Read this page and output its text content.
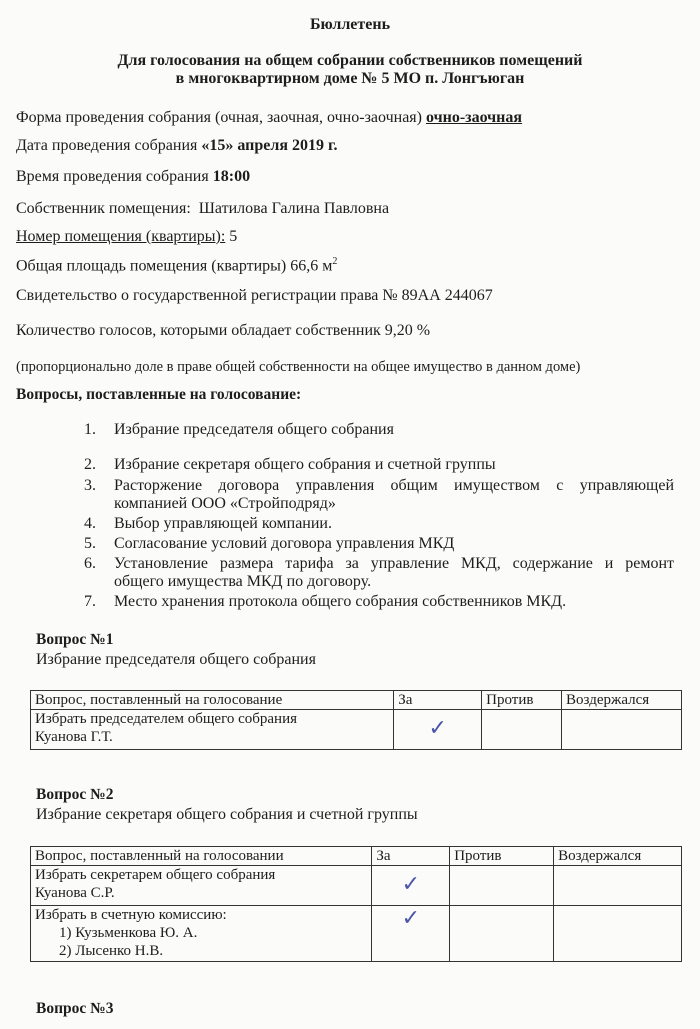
Бюллетень
Для голосования на общем собрании собственников помещений
в многоквартирном доме № 5 МО п. Лонгъюган
Форма проведения собрания (очная, заочная, очно-заочная) очно-заочная
Дата проведения собрания «15» апреля 2019 г.
Время проведения собрания 18:00
Собственник помещения: Шатилова Галина Павловна
Номер помещения (квартиры): 5
Общая площадь помещения (квартиры) 66,6 $м^2$
Свидетельство о государственной регистрации права № 89АА 244067
Количество голосов, которыми обладает собственник 9,20 %
(пропорционально доле в праве общей собственности на общее имущество в данном доме)
Вопросы, поставленные на голосование:
1. Избрание председателя общего собрания
2. Избрание секретаря общего собрания и счетной группы
3. Расторжение договора управления общим имуществом с управляющей
компанией ООО «Стройподряд»
4. Выбор управляющей компании.
5. Согласование условий договора управления МКД
6. Установление размера тарифа за управление МКД, содержание и ремонт
общего имущества МКД по договору.
7. Место хранения протокола общего собрания собственников МКД.
Вопрос №1
Избрание председателя общего собрания
Вопрос, поставленный на голосование	За	Против	Воздержался

Избрать председателем общего собрания
Куанова Г.Т.	✓		

Вопрос №2
Избрание секретаря общего собрания и счетной группы
Вопрос, поставленный на голосовании	За	Против	Воздержался

Избрать секретарем общего собрания
Куанова С.Р.	✓		

Избрать в счетную комиссию:
1) Кузьменкова Ю. А.
2) Лысенко Н.В.	✓		

Вопрос №3
